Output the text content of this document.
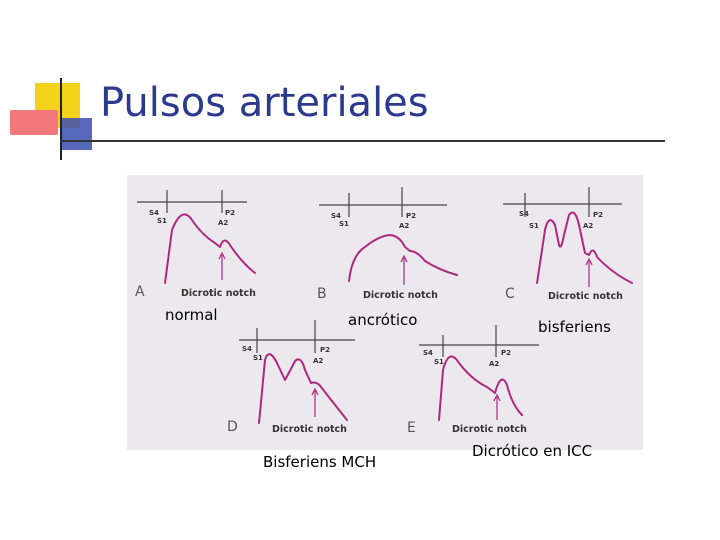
Pulsos arteriales
S4
S1
P2
A2
A	Dicrotic notch
S4
S1
P2
A2
B	Dicrotic notch
S4
S1
P2
A2
C	Dicrotic notch
S4
S1
P2
A2
D	Dicrotic notch
S4
S1
P2
A2
E	Dicrotic notch
normal	ancrótico	bisferiens
Bisferiens MCH
Dicrótico en ICC
